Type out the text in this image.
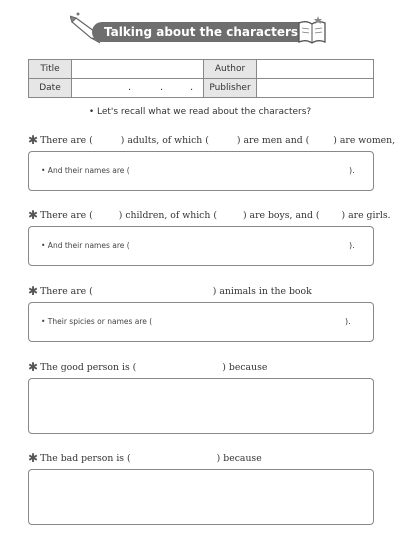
Talking about the characters
Title		Author	
Date	. . .	Publisher	
• Let's recall what we read about the characters?
✱ There are (	) adults, of which (	) are men and (	) are women,
• And their names are (	).
✱ There are (	) children, of which (	) are boys, and ( ) are girls.
• And their names are (	).
✱ There are (	) animals in the book
• Their spicies or names are (	).
✱ The good person is (	) because
✱ The bad person is (	) because
